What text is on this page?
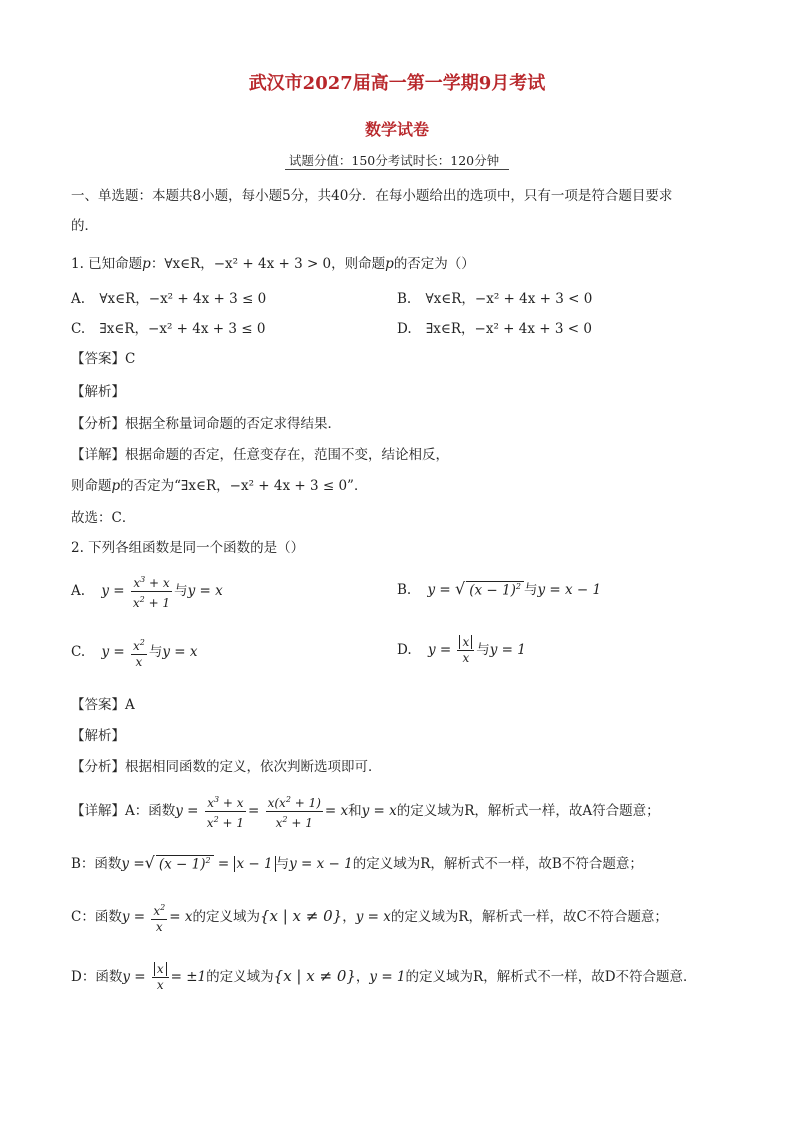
武汉市2027届高一第一学期9月考试
数学试卷
试题分值：150分考试时长：120分钟
一、单选题：本题共8小题，每小题5分，共40分．在每小题给出的选项中，只有一项是符合题目要求
的．
1. 已知命题p：∀x∈R，−x² + 4x + 3 > 0，则命题p的否定为（）
A. ∀x∈R，−x² + 4x + 3 ≤ 0	B. ∀x∈R，−x² + 4x + 3 < 0
C. ∃x∈R，−x² + 4x + 3 ≤ 0	D. ∃x∈R，−x² + 4x + 3 < 0
【答案】C
【解析】
【分析】根据全称量词命题的否定求得结果．
【详解】根据命题的否定，任意变存在，范围不变，结论相反，
则命题p的否定为“∃x∈R，−x² + 4x + 3 ≤ 0”．
故选：C．
2. 下列各组函数是同一个函数的是（）
A. $y = \frac{x^3 + x}{x^2 + 1}$ 与y = x	B. y = √ $(x - 1)^2$ 与y = x − 1
C. $y = \frac{x^2}{x}$ 与y = x	D. $y = \frac{x}{x}$ 与y = 1
【答案】A
【解析】
【分析】根据相同函数的定义，依次判断选项即可．
【详解】A：函数$y = \frac{x^3 + x}{x^2 + 1} = \frac{x(x^2 + 1)}{x^2 + 1} = x$和y = x的定义域为R，解析式一样，故A符合题意；
B：函数y =√ $(x - 1)^2 = x - 1$ 与y = x − 1的定义域为R，解析式不一样，故B不符合题意；
C：函数$y = \frac{x^2}{x} = x$的定义域为{x | x ≠ 0}，y = x的定义域为R，解析式一样，故C不符合题意；
D：函数$y = \frac{x}{x} = \pm 1$的定义域为{x | x ≠ 0}，y = 1的定义域为R，解析式不一样，故D不符合题意．
